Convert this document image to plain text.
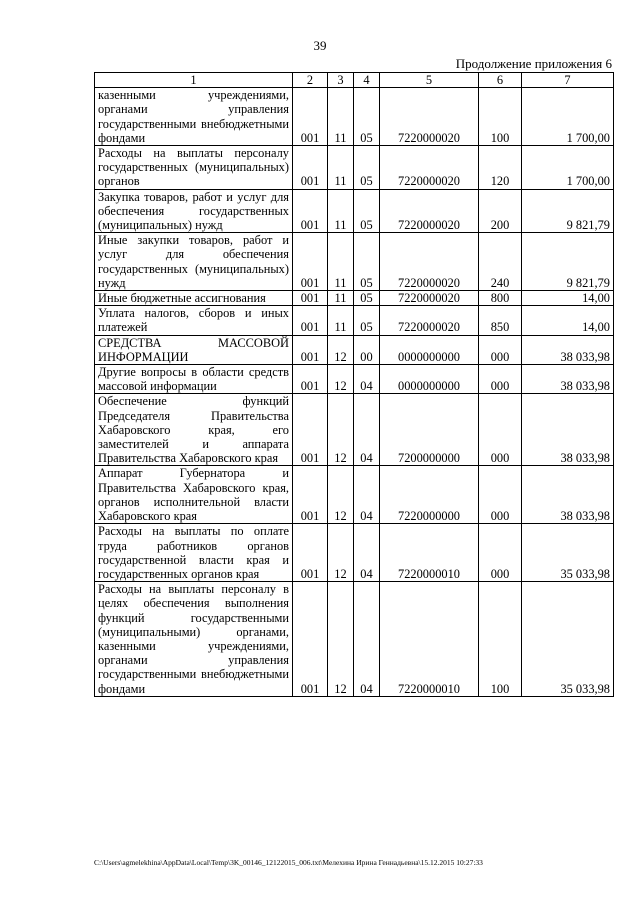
39
Продолжение приложения 6
1	2	3	4	5	6	7
казенными учреждениями, органами управления государственными внебюджетными фондами	001	11	05	7220000020	100	1 700,00
Расходы на выплаты персоналу государственных (муниципальных) органов	001	11	05	7220000020	120	1 700,00
Закупка товаров, работ и услуг для обеспечения государственных (муниципальных) нужд	001	11	05	7220000020	200	9 821,79
Иные закупки товаров, работ и услуг для обеспечения государственных (муниципальных) нужд	001	11	05	7220000020	240	9 821,79
Иные бюджетные ассигнования	001	11	05	7220000020	800	14,00
Уплата налогов, сборов и иных платежей	001	11	05	7220000020	850	14,00
СРЕДСТВА МАССОВОЙ ИНФОРМАЦИИ	001	12	00	0000000000	000	38 033,98
Другие вопросы в области средств массовой информации	001	12	04	0000000000	000	38 033,98
Обеспечение функций Председателя Правительства Хабаровского края, его заместителей и аппарата Правительства Хабаровского края	001	12	04	7200000000	000	38 033,98
Аппарат Губернатора и Правительства Хабаровского края, органов исполнительной власти Хабаровского края	001	12	04	7220000000	000	38 033,98
Расходы на выплаты по оплате труда работников органов государственной власти края и государственных органов края	001	12	04	7220000010	000	35 033,98
Расходы на выплаты персоналу в целях обеспечения выполнения функций государственными (муниципальными) органами, казенными учреждениями, органами управления государственными внебюджетными фондами	001	12	04	7220000010	100	35 033,98
C:\Users\agmelekhina\AppData\Local\Temp\3K_00146_12122015_006.txt\Мелехина Ирина Геннадьевна\15.12.2015 10:27:33
